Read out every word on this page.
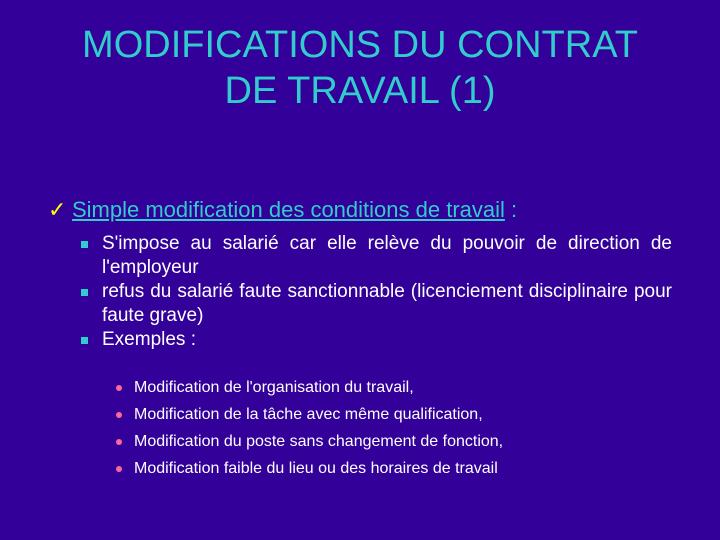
MODIFICATIONS DU CONTRAT
DE TRAVAIL (1)
✓ Simple modification des conditions de travail :
S'impose au salarié car elle relève du pouvoir de direction de l'employeur
refus du salarié faute sanctionnable (licenciement disciplinaire pour faute grave)
Exemples :
Modification de l'organisation du travail,
Modification de la tâche avec même qualification,
Modification du poste sans changement de fonction,
Modification faible du lieu ou des horaires de travail
